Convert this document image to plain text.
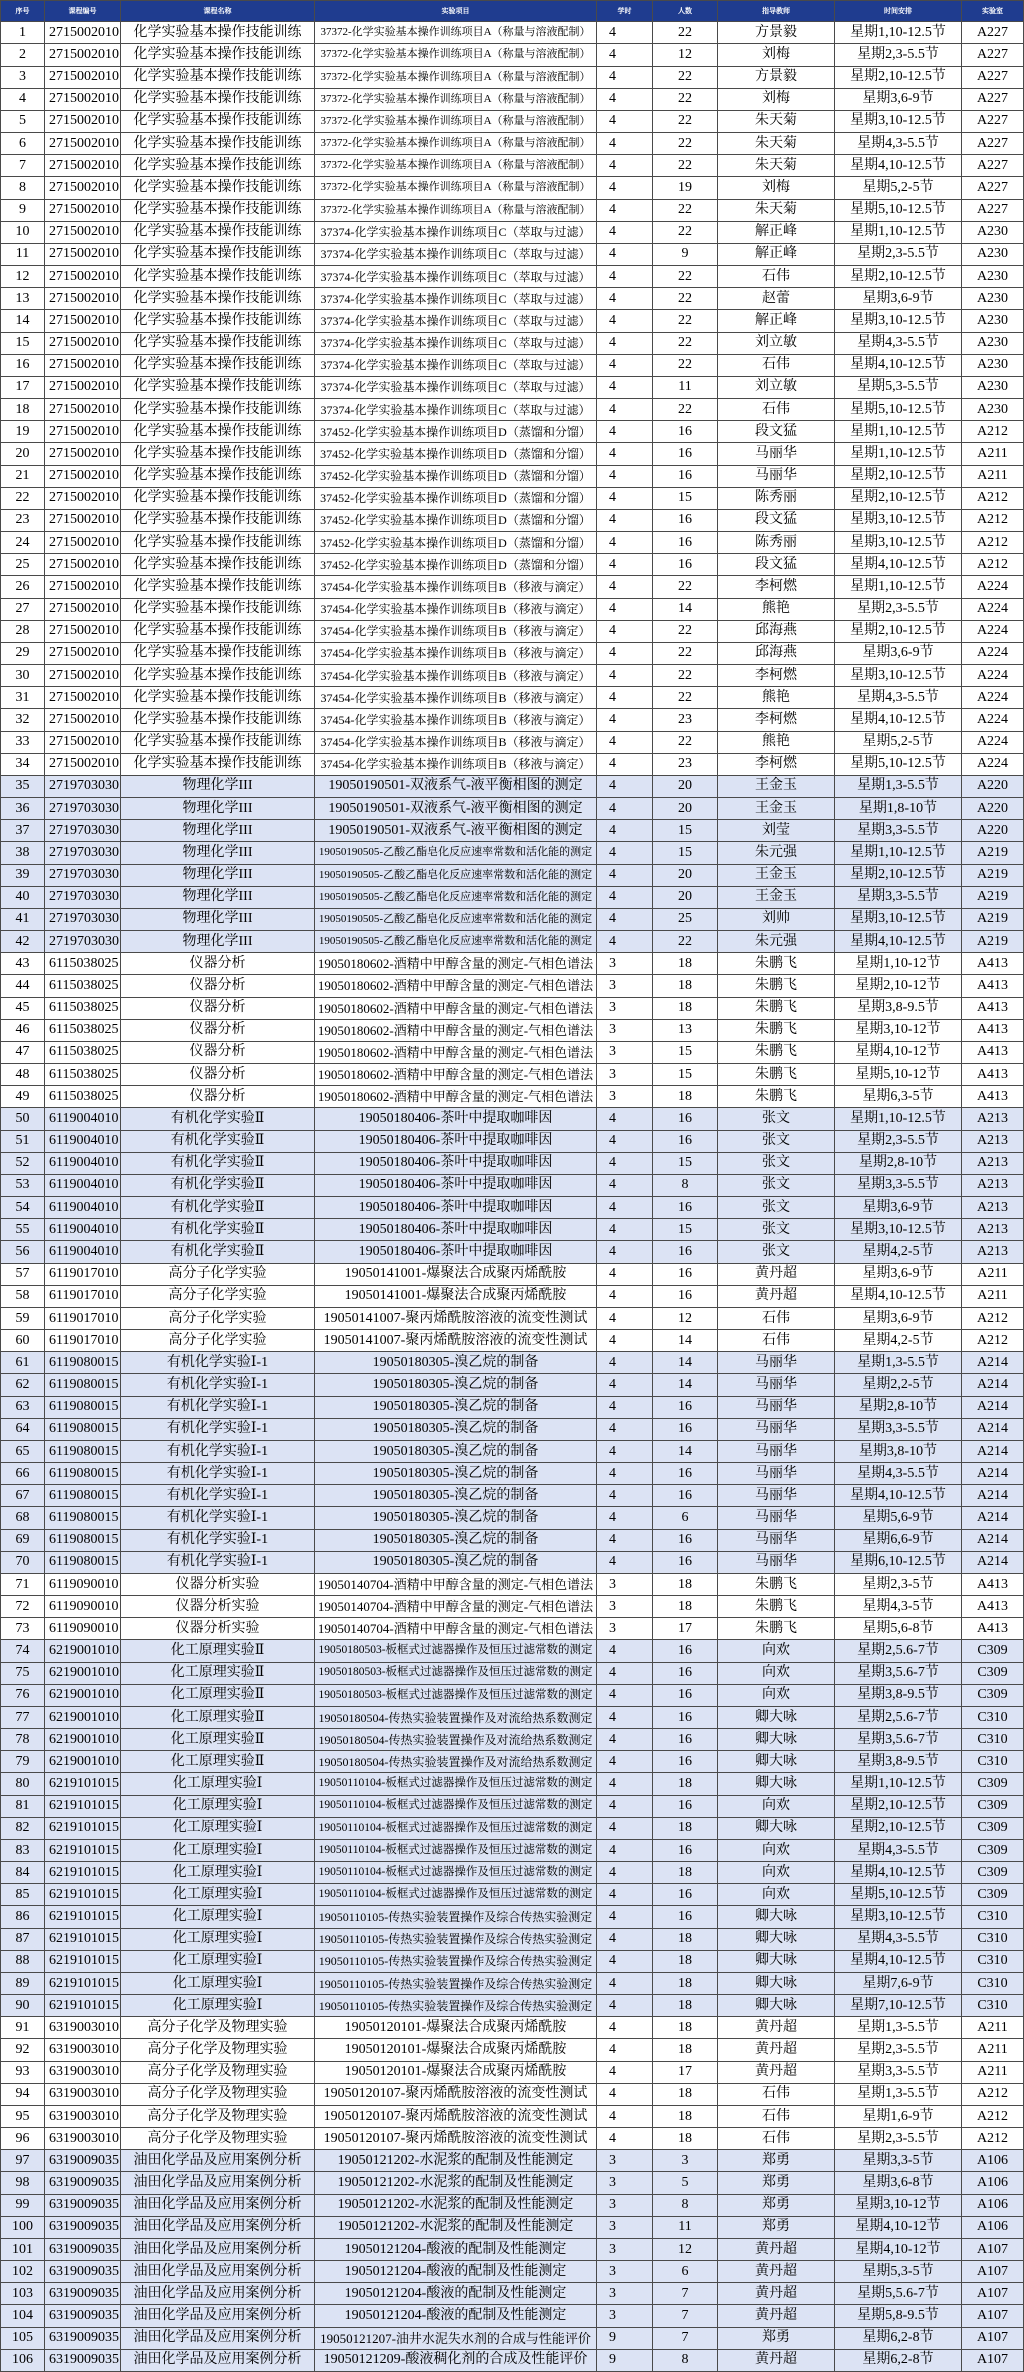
序号	课程编号	课程名称	实验项目	学时	人数	指导教师	时间安排	实验室
1 2715002010 化学实验基本操作技能训练 37372-化学实验基本操作训练项目A（称量与溶液配制） 4	22	方景毅	星期1,10-12.5节 A227
2 2715002010 化学实验基本操作技能训练 37372-化学实验基本操作训练项目A（称量与溶液配制） 4	12	刘梅	星期2,3-5.5节	A227
3 2715002010 化学实验基本操作技能训练 37372-化学实验基本操作训练项目A（称量与溶液配制） 4	22	方景毅	星期2,10-12.5节 A227
4 2715002010 化学实验基本操作技能训练 37372-化学实验基本操作训练项目A（称量与溶液配制） 4	22	刘梅	星期3,6-9节	A227
5 2715002010 化学实验基本操作技能训练 37372-化学实验基本操作训练项目A（称量与溶液配制） 4	22	朱天菊	星期3,10-12.5节 A227
6 2715002010 化学实验基本操作技能训练 37372-化学实验基本操作训练项目A（称量与溶液配制） 4	22	朱天菊	星期4,3-5.5节	A227
7 2715002010 化学实验基本操作技能训练 37372-化学实验基本操作训练项目A（称量与溶液配制） 4	22	朱天菊	星期4,10-12.5节 A227
8 2715002010 化学实验基本操作技能训练 37372-化学实验基本操作训练项目A（称量与溶液配制） 4	19	刘梅	星期5,2-5节	A227
9 2715002010 化学实验基本操作技能训练 37372-化学实验基本操作训练项目A（称量与溶液配制） 4	22	朱天菊	星期5,10-12.5节 A227
10 2715002010 化学实验基本操作技能训练 37374-化学实验基本操作训练项目C（萃取与过滤） 4	22	解正峰	星期1,10-12.5节 A230
11 2715002010 化学实验基本操作技能训练 37374-化学实验基本操作训练项目C（萃取与过滤） 4	9	解正峰	星期2,3-5.5节	A230
12 2715002010 化学实验基本操作技能训练 37374-化学实验基本操作训练项目C（萃取与过滤） 4	22	石伟	星期2,10-12.5节 A230
13 2715002010 化学实验基本操作技能训练 37374-化学实验基本操作训练项目C（萃取与过滤） 4	22	赵蕾	星期3,6-9节	A230
14 2715002010 化学实验基本操作技能训练 37374-化学实验基本操作训练项目C（萃取与过滤） 4	22	解正峰	星期3,10-12.5节 A230
15 2715002010 化学实验基本操作技能训练 37374-化学实验基本操作训练项目C（萃取与过滤） 4	22	刘立敏	星期4,3-5.5节	A230
16 2715002010 化学实验基本操作技能训练 37374-化学实验基本操作训练项目C（萃取与过滤） 4	22	石伟	星期4,10-12.5节 A230
17 2715002010 化学实验基本操作技能训练 37374-化学实验基本操作训练项目C（萃取与过滤） 4	11	刘立敏	星期5,3-5.5节	A230
18 2715002010 化学实验基本操作技能训练 37374-化学实验基本操作训练项目C（萃取与过滤） 4	22	石伟	星期5,10-12.5节 A230
19 2715002010 化学实验基本操作技能训练 37452-化学实验基本操作训练项目D（蒸馏和分馏） 4	16	段文猛	星期1,10-12.5节 A212
20 2715002010 化学实验基本操作技能训练 37452-化学实验基本操作训练项目D（蒸馏和分馏） 4	16	马丽华	星期1,10-12.5节 A211
21 2715002010 化学实验基本操作技能训练 37452-化学实验基本操作训练项目D（蒸馏和分馏） 4	16	马丽华	星期2,10-12.5节 A211
22 2715002010 化学实验基本操作技能训练 37452-化学实验基本操作训练项目D（蒸馏和分馏） 4	15	陈秀丽	星期2,10-12.5节 A212
23 2715002010 化学实验基本操作技能训练 37452-化学实验基本操作训练项目D（蒸馏和分馏） 4	16	段文猛	星期3,10-12.5节 A212
24 2715002010 化学实验基本操作技能训练 37452-化学实验基本操作训练项目D（蒸馏和分馏） 4	16	陈秀丽	星期3,10-12.5节 A212
25 2715002010 化学实验基本操作技能训练 37452-化学实验基本操作训练项目D（蒸馏和分馏） 4	16	段文猛	星期4,10-12.5节 A212
26 2715002010 化学实验基本操作技能训练 37454-化学实验基本操作训练项目B（移液与滴定） 4	22	李柯燃	星期1,10-12.5节 A224
27 2715002010 化学实验基本操作技能训练 37454-化学实验基本操作训练项目B（移液与滴定） 4	14	熊艳	星期2,3-5.5节	A224
28 2715002010 化学实验基本操作技能训练 37454-化学实验基本操作训练项目B（移液与滴定） 4	22	邱海燕	星期2,10-12.5节 A224
29 2715002010 化学实验基本操作技能训练 37454-化学实验基本操作训练项目B（移液与滴定） 4	22	邱海燕	星期3,6-9节	A224
30 2715002010 化学实验基本操作技能训练 37454-化学实验基本操作训练项目B（移液与滴定） 4	22	李柯燃	星期3,10-12.5节 A224
31 2715002010 化学实验基本操作技能训练 37454-化学实验基本操作训练项目B（移液与滴定） 4	22	熊艳	星期4,3-5.5节	A224
32 2715002010 化学实验基本操作技能训练 37454-化学实验基本操作训练项目B（移液与滴定） 4	23	李柯燃	星期4,10-12.5节 A224
33 2715002010 化学实验基本操作技能训练 37454-化学实验基本操作训练项目B（移液与滴定） 4	22	熊艳	星期5,2-5节	A224
34 2715002010 化学实验基本操作技能训练 37454-化学实验基本操作训练项目B（移液与滴定） 4	23	李柯燃	星期5,10-12.5节 A224
35 2719703030	物理化学III	19050190501-双液系气-液平衡相图的测定 4	20	王金玉	星期1,3-5.5节	A220
36 2719703030	物理化学III	19050190501-双液系气-液平衡相图的测定 4	20	王金玉	星期1,8-10节	A220
37 2719703030	物理化学III	19050190501-双液系气-液平衡相图的测定 4	15	刘莹	星期3,3-5.5节	A220
38 2719703030	物理化学III	19050190505-乙酸乙酯皂化反应速率常数和活化能的测定 4	15	朱元强	星期1,10-12.5节 A219
39 2719703030	物理化学III	19050190505-乙酸乙酯皂化反应速率常数和活化能的测定 4	20	王金玉	星期2,10-12.5节 A219
40 2719703030	物理化学III	19050190505-乙酸乙酯皂化反应速率常数和活化能的测定 4	20	王金玉	星期3,3-5.5节	A219
41 2719703030	物理化学III	19050190505-乙酸乙酯皂化反应速率常数和活化能的测定 4	25	刘帅	星期3,10-12.5节 A219
42 2719703030	物理化学III	19050190505-乙酸乙酯皂化反应速率常数和活化能的测定 4	22	朱元强	星期4,10-12.5节 A219
43 6115038025	仪器分析	19050180602-酒精中甲醇含量的测定-气相色谱法 3	18	朱鹏飞	星期1,10-12节	A413
44 6115038025	仪器分析	19050180602-酒精中甲醇含量的测定-气相色谱法 3	18	朱鹏飞	星期2,10-12节	A413
45 6115038025	仪器分析	19050180602-酒精中甲醇含量的测定-气相色谱法 3	18	朱鹏飞	星期3,8-9.5节	A413
46 6115038025	仪器分析	19050180602-酒精中甲醇含量的测定-气相色谱法 3	13	朱鹏飞	星期3,10-12节	A413
47 6115038025	仪器分析	19050180602-酒精中甲醇含量的测定-气相色谱法 3	15	朱鹏飞	星期4,10-12节	A413
48 6115038025	仪器分析	19050180602-酒精中甲醇含量的测定-气相色谱法 3	15	朱鹏飞	星期5,10-12节	A413
49 6115038025	仪器分析	19050180602-酒精中甲醇含量的测定-气相色谱法 3	18	朱鹏飞	星期6,3-5节	A413
50 6119004010	有机化学实验Ⅱ	19050180406-茶叶中提取咖啡因	4	16	张文	星期1,10-12.5节 A213
51 6119004010	有机化学实验Ⅱ	19050180406-茶叶中提取咖啡因	4	16	张文	星期2,3-5.5节	A213
52 6119004010	有机化学实验Ⅱ	19050180406-茶叶中提取咖啡因	4	15	张文	星期2,8-10节	A213
53 6119004010	有机化学实验Ⅱ	19050180406-茶叶中提取咖啡因	4	8	张文	星期3,3-5.5节	A213
54 6119004010	有机化学实验Ⅱ	19050180406-茶叶中提取咖啡因	4	16	张文	星期3,6-9节	A213
55 6119004010	有机化学实验Ⅱ	19050180406-茶叶中提取咖啡因	4	15	张文	星期3,10-12.5节 A213
56 6119004010	有机化学实验Ⅱ	19050180406-茶叶中提取咖啡因	4	16	张文	星期4,2-5节	A213
57 6119017010	高分子化学实验	19050141001-爆聚法合成聚丙烯酰胺	4	16	黄丹超	星期3,6-9节	A211
58 6119017010	高分子化学实验	19050141001-爆聚法合成聚丙烯酰胺	4	16	黄丹超	星期4,10-12.5节 A211
59 6119017010	高分子化学实验	19050141007-聚丙烯酰胺溶液的流变性测试 4	12	石伟	星期3,6-9节	A212
60 6119017010	高分子化学实验	19050141007-聚丙烯酰胺溶液的流变性测试 4	14	石伟	星期4,2-5节	A212
61 6119080015	有机化学实验Ⅰ-1	19050180305-溴乙烷的制备	4	14	马丽华	星期1,3-5.5节	A214
62 6119080015	有机化学实验Ⅰ-1	19050180305-溴乙烷的制备	4	14	马丽华	星期2,2-5节	A214
63 6119080015	有机化学实验Ⅰ-1	19050180305-溴乙烷的制备	4	16	马丽华	星期2,8-10节	A214
64 6119080015	有机化学实验Ⅰ-1	19050180305-溴乙烷的制备	4	16	马丽华	星期3,3-5.5节	A214
65 6119080015	有机化学实验Ⅰ-1	19050180305-溴乙烷的制备	4	14	马丽华	星期3,8-10节	A214
66 6119080015	有机化学实验Ⅰ-1	19050180305-溴乙烷的制备	4	16	马丽华	星期4,3-5.5节	A214
67 6119080015	有机化学实验Ⅰ-1	19050180305-溴乙烷的制备	4	16	马丽华	星期4,10-12.5节 A214
68 6119080015	有机化学实验Ⅰ-1	19050180305-溴乙烷的制备	4	6	马丽华	星期5,6-9节	A214
69 6119080015	有机化学实验Ⅰ-1	19050180305-溴乙烷的制备	4	16	马丽华	星期6,6-9节	A214
70 6119080015	有机化学实验Ⅰ-1	19050180305-溴乙烷的制备	4	16	马丽华	星期6,10-12.5节 A214
71 6119090010	仪器分析实验	19050140704-酒精中甲醇含量的测定-气相色谱法 3	18	朱鹏飞	星期2,3-5节	A413
72 6119090010	仪器分析实验	19050140704-酒精中甲醇含量的测定-气相色谱法 3	18	朱鹏飞	星期4,3-5节	A413
73 6119090010	仪器分析实验	19050140704-酒精中甲醇含量的测定-气相色谱法 3	17	朱鹏飞	星期5,6-8节	A413
74 6219001010	化工原理实验Ⅱ	19050180503-板框式过滤器操作及恒压过滤常数的测定 4	16	向欢	星期2,5.6-7节	C309
75 6219001010	化工原理实验Ⅱ	19050180503-板框式过滤器操作及恒压过滤常数的测定 4	16	向欢	星期3,5.6-7节	C309
76 6219001010	化工原理实验Ⅱ	19050180503-板框式过滤器操作及恒压过滤常数的测定 4	16	向欢	星期3,8-9.5节	C309
77 6219001010	化工原理实验Ⅱ	19050180504-传热实验装置操作及对流给热系数测定 4	16	卿大咏	星期2,5.6-7节	C310
78 6219001010	化工原理实验Ⅱ	19050180504-传热实验装置操作及对流给热系数测定 4	16	卿大咏	星期3,5.6-7节	C310
79 6219001010	化工原理实验Ⅱ	19050180504-传热实验装置操作及对流给热系数测定 4	16	卿大咏	星期3,8-9.5节	C310
80 6219101015	化工原理实验Ⅰ	19050110104-板框式过滤器操作及恒压过滤常数的测定 4	18	卿大咏	星期1,10-12.5节 C309
81 6219101015	化工原理实验Ⅰ	19050110104-板框式过滤器操作及恒压过滤常数的测定 4	16	向欢	星期2,10-12.5节 C309
82 6219101015	化工原理实验Ⅰ	19050110104-板框式过滤器操作及恒压过滤常数的测定 4	18	卿大咏	星期2,10-12.5节 C309
83 6219101015	化工原理实验Ⅰ	19050110104-板框式过滤器操作及恒压过滤常数的测定 4	16	向欢	星期4,3-5.5节	C309
84 6219101015	化工原理实验Ⅰ	19050110104-板框式过滤器操作及恒压过滤常数的测定 4	18	向欢	星期4,10-12.5节 C309
85 6219101015	化工原理实验Ⅰ	19050110104-板框式过滤器操作及恒压过滤常数的测定 4	16	向欢	星期5,10-12.5节 C309
86 6219101015	化工原理实验Ⅰ	19050110105-传热实验装置操作及综合传热实验测定 4	16	卿大咏	星期3,10-12.5节 C310
87 6219101015	化工原理实验Ⅰ	19050110105-传热实验装置操作及综合传热实验测定 4	18	卿大咏	星期4,3-5.5节	C310
88 6219101015	化工原理实验Ⅰ	19050110105-传热实验装置操作及综合传热实验测定 4	18	卿大咏	星期4,10-12.5节 C310
89 6219101015	化工原理实验Ⅰ	19050110105-传热实验装置操作及综合传热实验测定 4	18	卿大咏	星期7,6-9节	C310
90 6219101015	化工原理实验Ⅰ	19050110105-传热实验装置操作及综合传热实验测定 4	18	卿大咏	星期7,10-12.5节 C310
91 6319003010 高分子化学及物理实验	19050120101-爆聚法合成聚丙烯酰胺	4	18	黄丹超	星期1,3-5.5节	A211
92 6319003010 高分子化学及物理实验	19050120101-爆聚法合成聚丙烯酰胺	4	18	黄丹超	星期2,3-5.5节	A211
93 6319003010 高分子化学及物理实验	19050120101-爆聚法合成聚丙烯酰胺	4	17	黄丹超	星期3,3-5.5节	A211
94 6319003010 高分子化学及物理实验	19050120107-聚丙烯酰胺溶液的流变性测试 4	18	石伟	星期1,3-5.5节	A212
95 6319003010 高分子化学及物理实验	19050120107-聚丙烯酰胺溶液的流变性测试 4	18	石伟	星期1,6-9节	A212
96 6319003010 高分子化学及物理实验	19050120107-聚丙烯酰胺溶液的流变性测试 4	18	石伟	星期2,3-5.5节	A212
97 6319009035 油田化学品及应用案例分析	19050121202-水泥浆的配制及性能测定	3	3	郑勇	星期3,3-5节	A106
98 6319009035 油田化学品及应用案例分析	19050121202-水泥浆的配制及性能测定	3	5	郑勇	星期3,6-8节	A106
99 6319009035 油田化学品及应用案例分析	19050121202-水泥浆的配制及性能测定	3	8	郑勇	星期3,10-12节	A106
100 6319009035 油田化学品及应用案例分析	19050121202-水泥浆的配制及性能测定	3	11	郑勇	星期4,10-12节	A106
101 6319009035 油田化学品及应用案例分析	19050121204-酸液的配制及性能测定	3	12	黄丹超	星期4,10-12节	A107
102 6319009035 油田化学品及应用案例分析	19050121204-酸液的配制及性能测定	3	6	黄丹超	星期5,3-5节	A107
103 6319009035 油田化学品及应用案例分析	19050121204-酸液的配制及性能测定	3	7	黄丹超	星期5,5.6-7节	A107
104 6319009035 油田化学品及应用案例分析	19050121204-酸液的配制及性能测定	3	7	黄丹超	星期5,8-9.5节	A107
105 6319009035 油田化学品及应用案例分析 19050121207-油井水泥失水剂的合成与性能评价 9	7	郑勇	星期6,2-8节	A107
106 6319009035 油田化学品及应用案例分析 19050121209-酸液稠化剂的合成及性能评价 9	8	黄丹超	星期6,2-8节	A107
